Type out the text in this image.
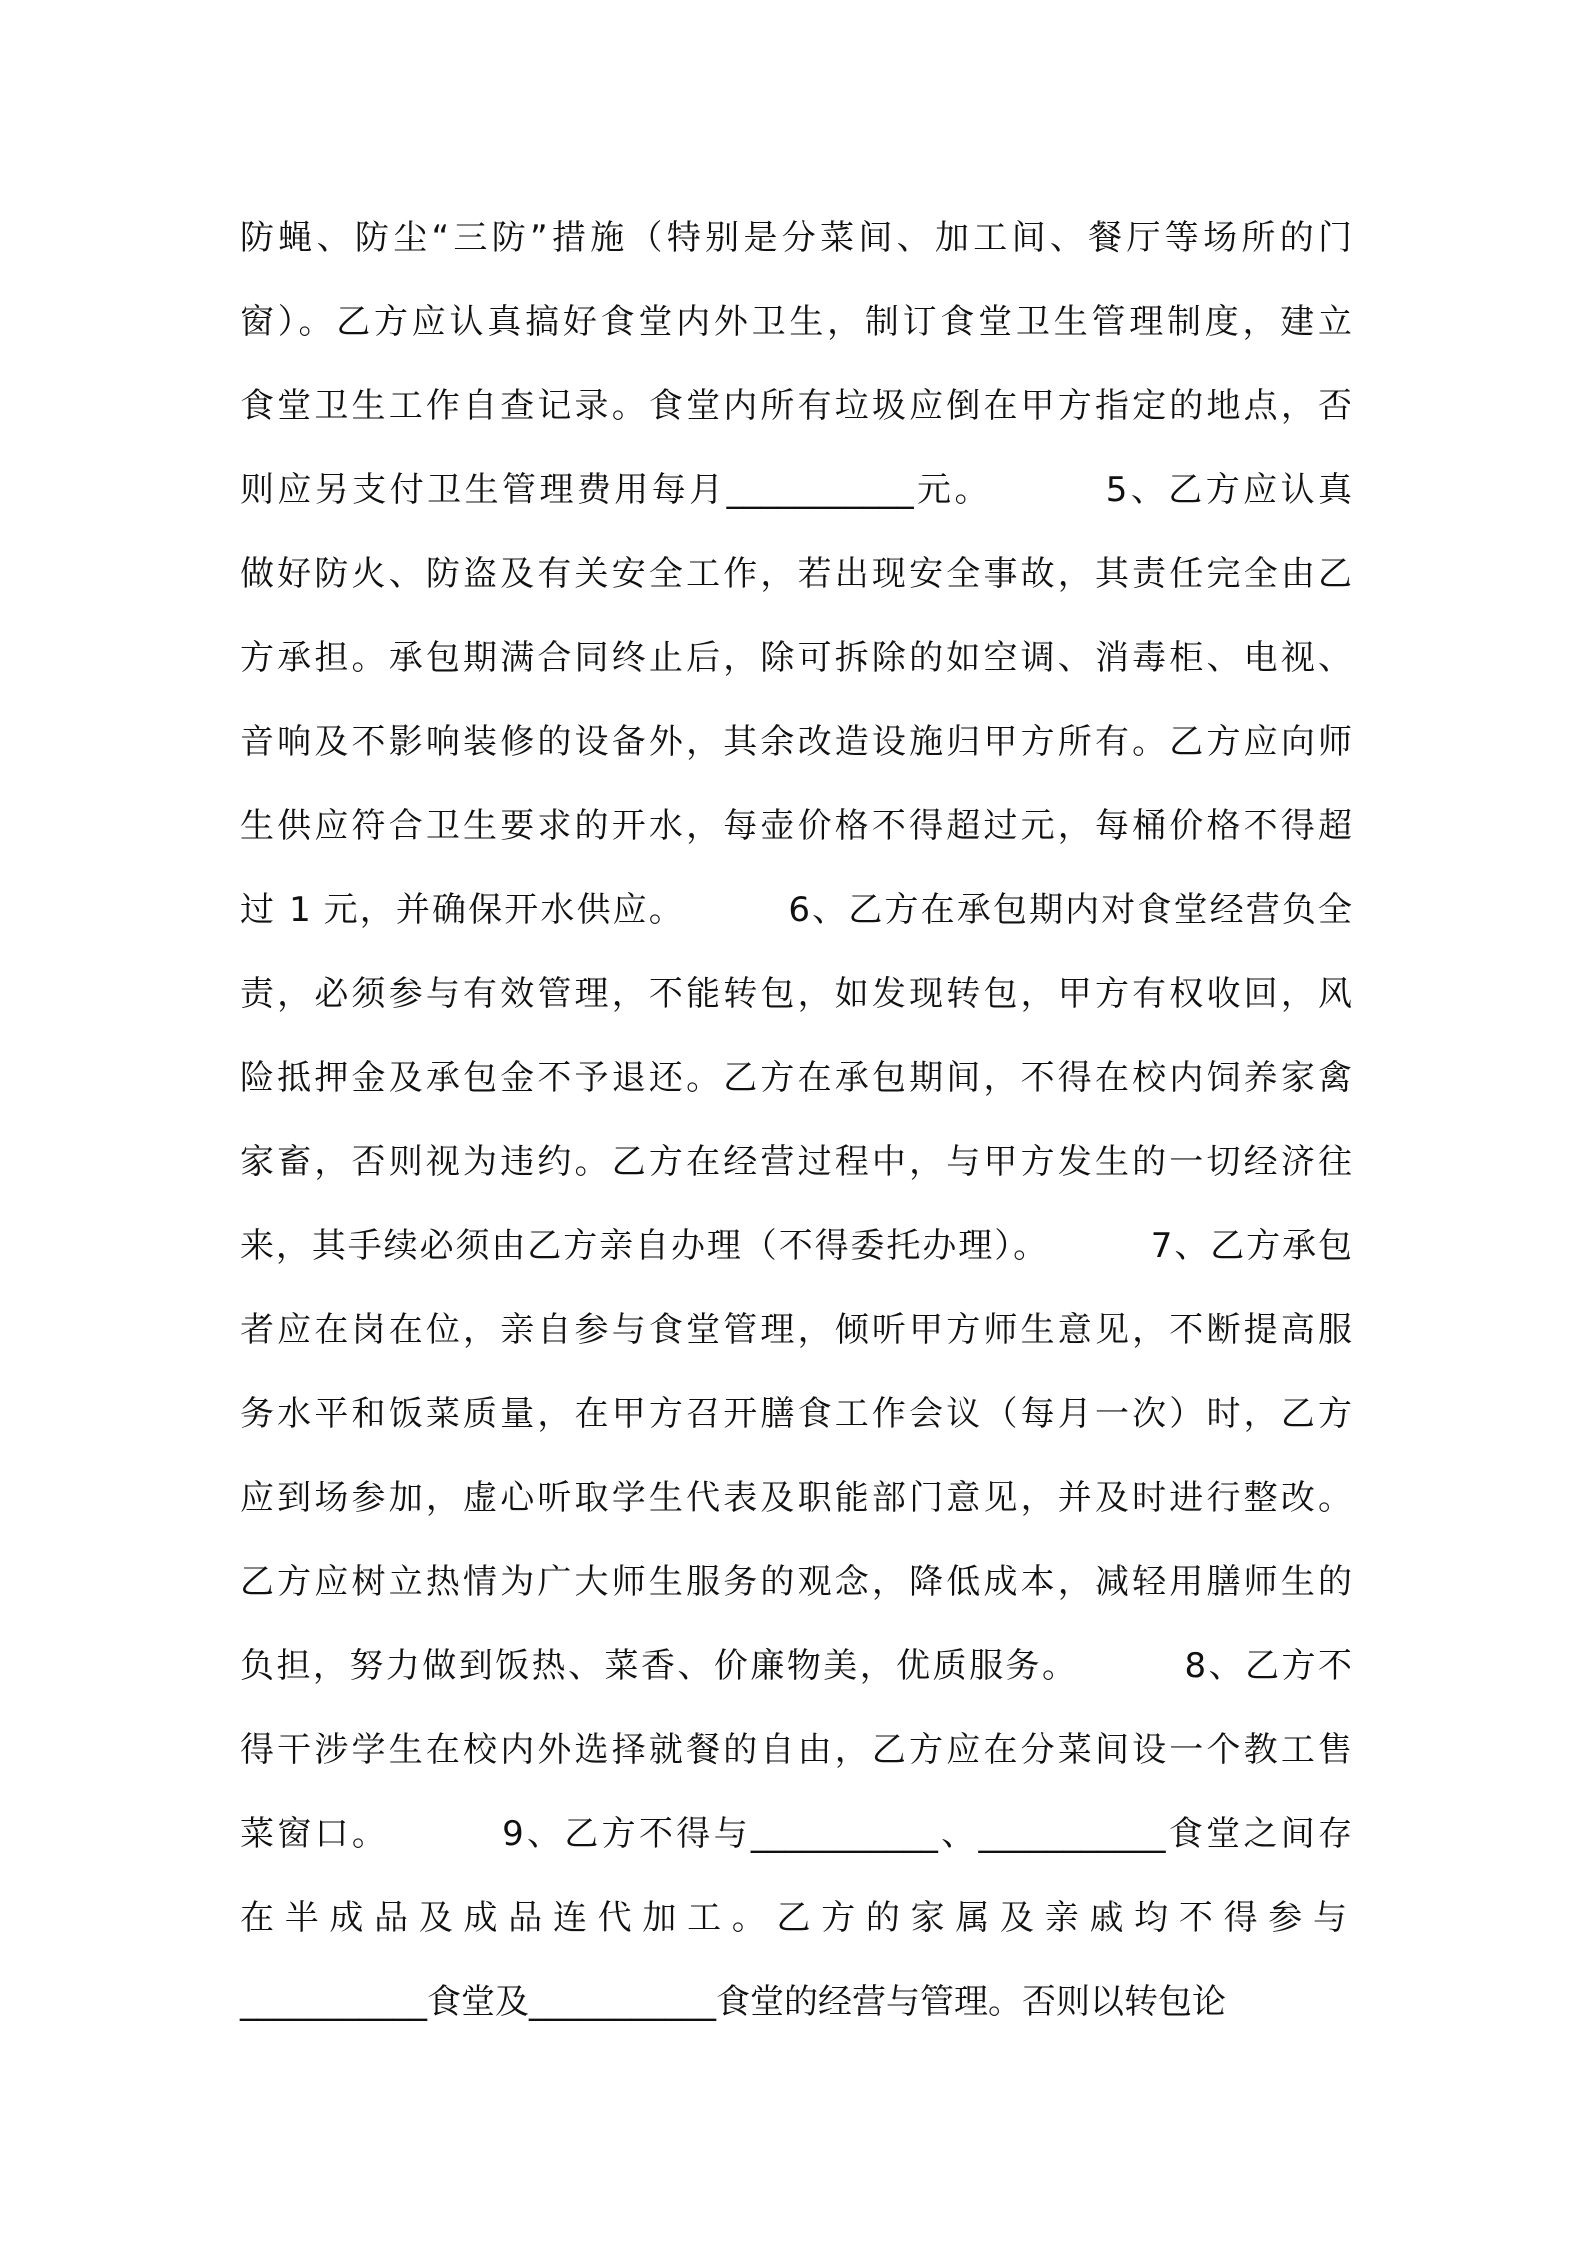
防蝇、防尘“三防”措施（特别是分菜间、加工间、餐厅等场所的门
窗）。乙方应认真搞好食堂内外卫生，制订食堂卫生管理制度，建立
食堂卫生工作自查记录。食堂内所有垃圾应倒在甲方指定的地点，否
则应另支付卫生管理费用每月___________元。        5、乙方应认真
做好防火、防盗及有关安全工作，若出现安全事故，其责任完全由乙
方承担。承包期满合同终止后，除可拆除的如空调、消毒柜、电视、
音响及不影响装修的设备外，其余改造设施归甲方所有。乙方应向师
生供应符合卫生要求的开水，每壶价格不得超过元，每桶价格不得超
过 1 元，并确保开水供应。        6、乙方在承包期内对食堂经营负全
责，必须参与有效管理，不能转包，如发现转包，甲方有权收回，风
险抵押金及承包金不予退还。乙方在承包期间，不得在校内饲养家禽
家畜，否则视为违约。乙方在经营过程中，与甲方发生的一切经济往
来，其手续必须由乙方亲自办理（不得委托办理）。        7、乙方承包
者应在岗在位，亲自参与食堂管理，倾听甲方师生意见，不断提高服
务水平和饭菜质量，在甲方召开膳食工作会议（每月一次）时，乙方
应到场参加，虚心听取学生代表及职能部门意见，并及时进行整改。
乙方应树立热情为广大师生服务的观念，降低成本，减轻用膳师生的
负担，努力做到饭热、菜香、价廉物美，优质服务。        8、乙方不
得干涉学生在校内外选择就餐的自由，乙方应在分菜间设一个教工售
菜窗口。        9、乙方不得与___________、___________食堂之间存
在半成品及成品连代加工。乙方的家属及亲戚均不得参与
___________食堂及___________食堂的经营与管理。否则以转包论
